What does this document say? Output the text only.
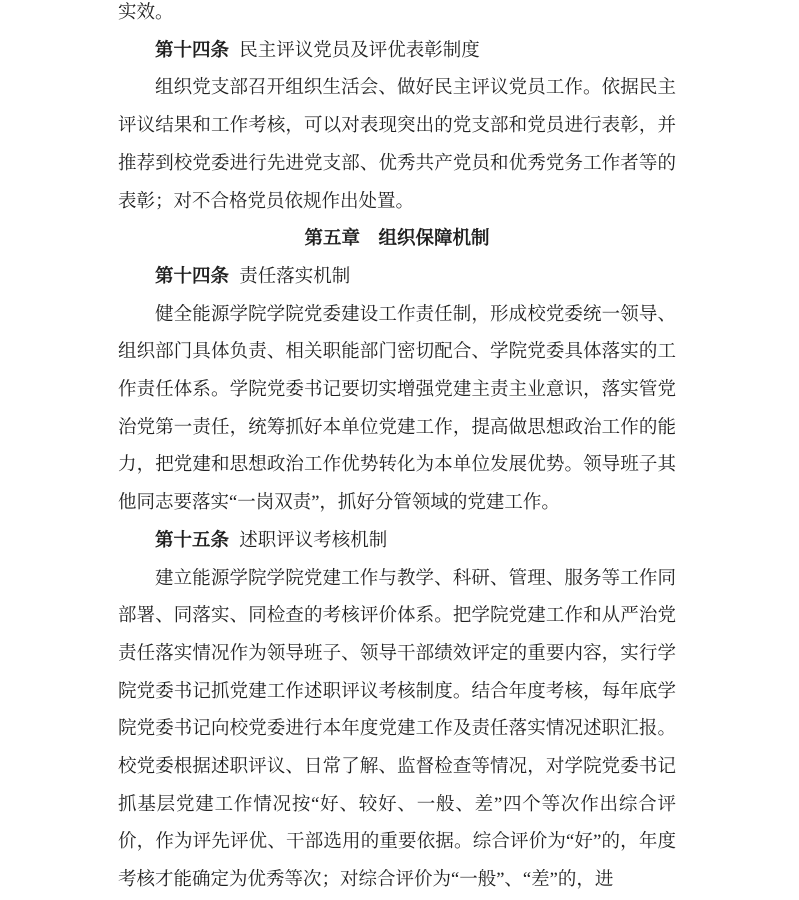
实效。

第十四条 民主评议党员及评优表彰制度

组织党支部召开组织生活会、做好民主评议党员工作。依据民主评议结果和工作考核，可以对表现突出的党支部和党员进行表彰，并推荐到校党委进行先进党支部、优秀共产党员和优秀党务工作者等的表彰；对不合格党员依规作出处置。

第五章　组织保障机制

第十四条 责任落实机制

健全能源学院学院党委建设工作责任制，形成校党委统一领导、组织部门具体负责、相关职能部门密切配合、学院党委具体落实的工作责任体系。学院党委书记要切实增强党建主责主业意识，落实管党治党第一责任，统筹抓好本单位党建工作，提高做思想政治工作的能力，把党建和思想政治工作优势转化为本单位发展优势。领导班子其他同志要落实“一岗双责”，抓好分管领域的党建工作。

第十五条 述职评议考核机制

建立能源学院学院党建工作与教学、科研、管理、服务等工作同部署、同落实、同检查的考核评价体系。把学院党建工作和从严治党责任落实情况作为领导班子、领导干部绩效评定的重要内容，实行学院党委书记抓党建工作述职评议考核制度。结合年度考核，每年底学院党委书记向校党委进行本年度党建工作及责任落实情况述职汇报。校党委根据述职评议、日常了解、监督检查等情况，对学院党委书记抓基层党建工作情况按“好、较好、一般、差”四个等次作出综合评价，作为评先评优、干部选用的重要依据。综合评价为“好”的，年度考核才能确定为优秀等次；对综合评价为“一般”、“差”的，进
